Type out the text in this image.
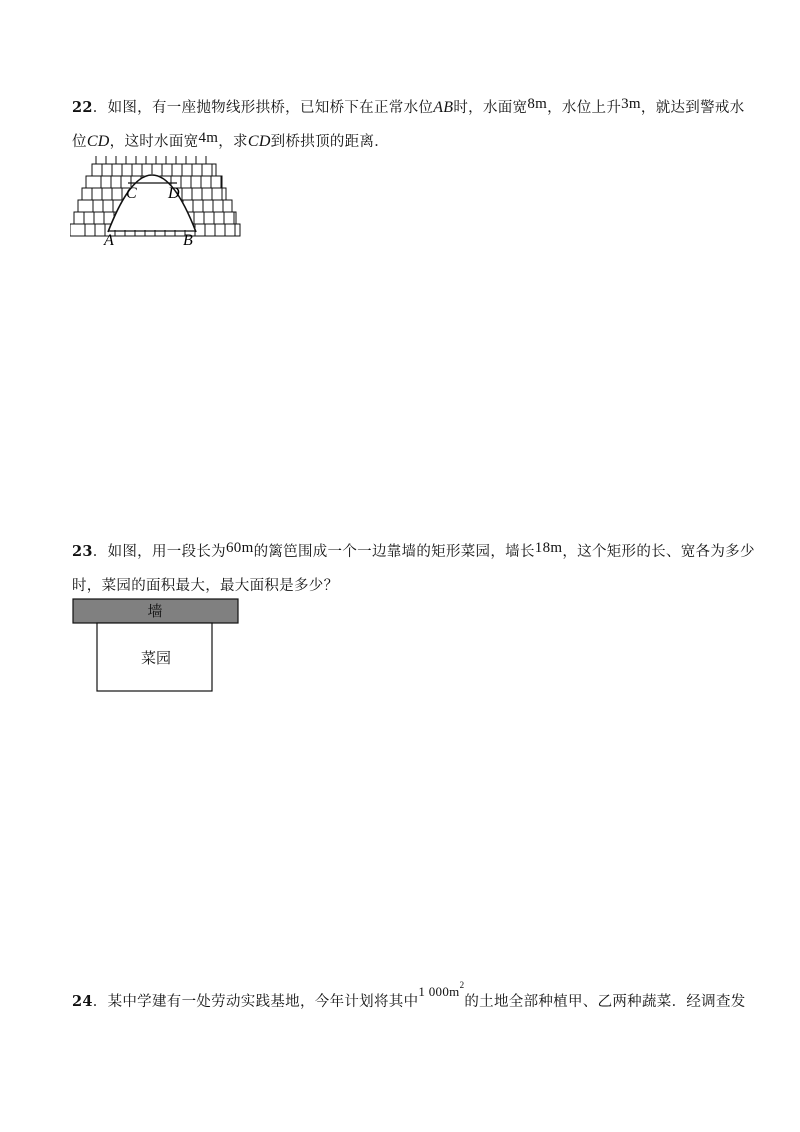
22．如图，有一座抛物线形拱桥，已知桥下在正常水位AB时，水面宽8m，水位上升3m，就达到警戒水
位CD，这时水面宽4m，求CD到桥拱顶的距离．
C D
A	B
23．如图，用一段长为60m的篱笆围成一个一边靠墙的矩形菜园，墙长18m，这个矩形的长、宽各为多少
时，菜园的面积最大，最大面积是多少？
墙
菜园
24．某中学建有一处劳动实践基地，今年计划将其中1 $000m^2$的土地全部种植甲、乙两种蔬菜．经调查发
